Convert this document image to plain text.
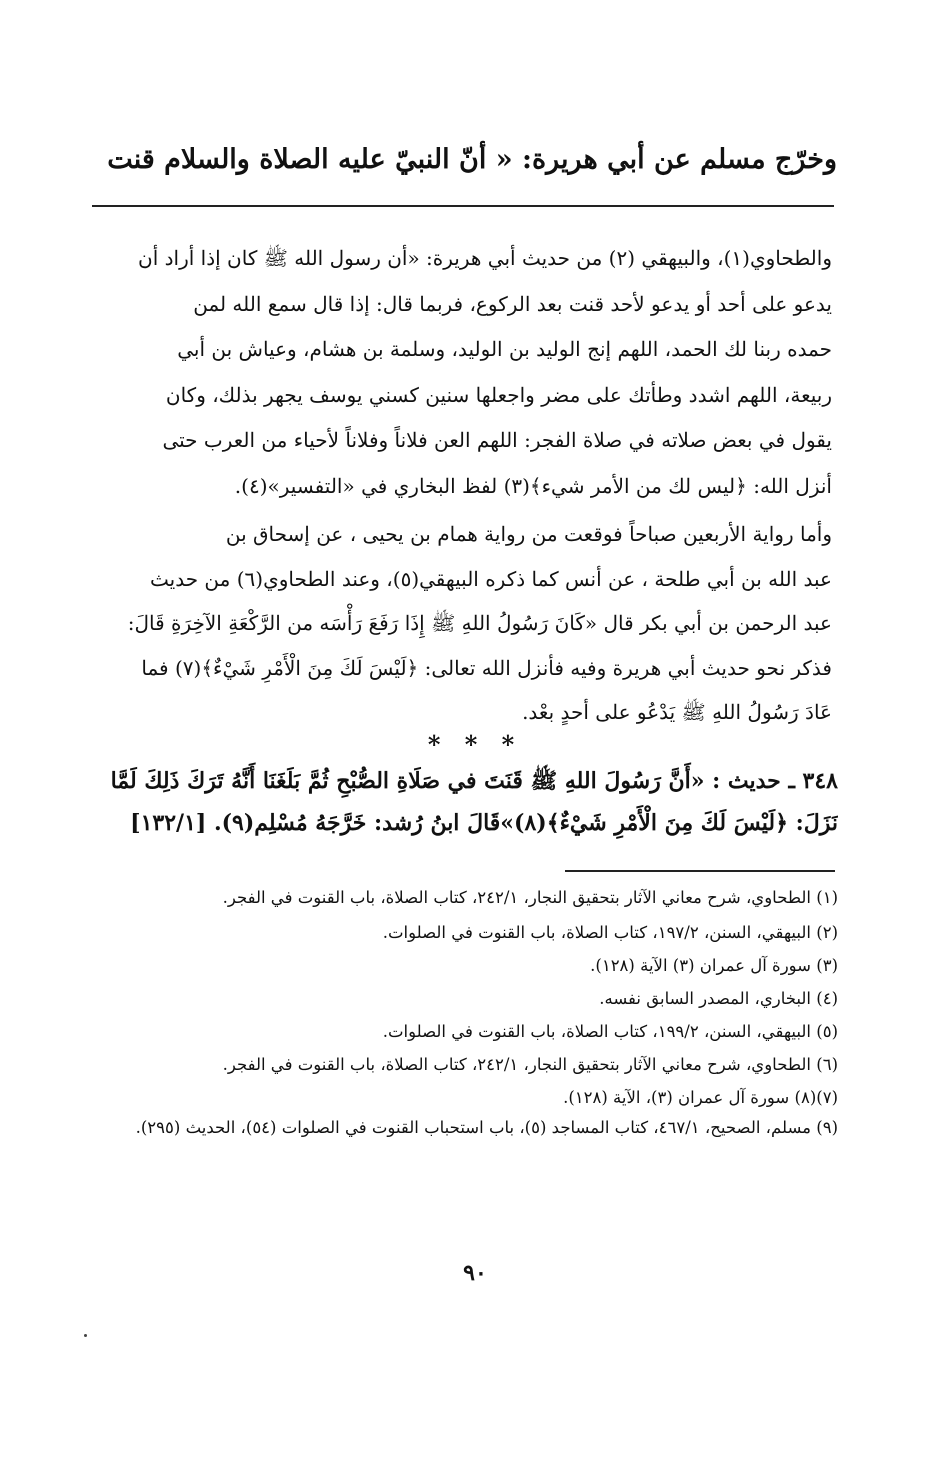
وخرّج مسلم عن أبي هريرة: « أنّ النبيّ عليه الصلاة والسلام قنت
والطحاوي(١)، والبيهقي (٢) من حديث أبي هريرة: «أن رسول الله ﷺ كان إذا أراد أن
يدعو على أحد أو يدعو لأحد قنت بعد الركوع، فربما قال: إذا قال سمع الله لمن
حمده ربنا لك الحمد، اللهم إنج الوليد بن الوليد، وسلمة بن هشام، وعياش بن أبي
ربيعة، اللهم اشدد وطأتك على مضر واجعلها سنين كسني يوسف يجهر بذلك، وكان
يقول في بعض صلاته في صلاة الفجر: اللهم العن فلاناً وفلاناً لأحياء من العرب حتى
أنزل الله: ﴿ليس لك من الأمر شيء﴾(٣) لفظ البخاري في «التفسير»(٤).
وأما رواية الأربعين صباحاً فوقعت من رواية همام بن يحيى ، عن إسحاق بن
عبد الله بن أبي طلحة ، عن أنس كما ذكره البيهقي(٥)، وعند الطحاوي(٦) من حديث
عبد الرحمن بن أبي بكر قال «كَانَ رَسُولُ اللهِ ﷺ إِذَا رَفَعَ رَأْسَه من الرَّكْعَةِ الآخِرَةِ قَالَ:
فذكر نحو حديث أبي هريرة وفيه فأنزل الله تعالى: ﴿لَيْسَ لَكَ مِنَ الْأَمْرِ شَيْءٌ﴾(٧) فما
عَادَ رَسُولُ اللهِ ﷺ يَدْعُو على أحدٍ بعْد.
* * *
٣٤٨ ـ حديث : «أَنَّ رَسُولَ اللهِ ﷺ قَنَتَ في صَلَاةِ الصُّبْحِ ثُمَّ بَلَغَنَا أَنَّهُ تَرَكَ ذَلِكَ لَمَّا
نَزَلَ: ﴿لَيْسَ لَكَ مِنَ الْأَمْرِ شَيْءٌ﴾(٨)»قَالَ ابنُ رُشد: خَرَّجَهُ مُسْلِم(٩). [١٣٢/١]
(١) الطحاوي، شرح معاني الآثار بتحقيق النجار، ٢٤٢/١، كتاب الصلاة، باب القنوت في الفجر.
(٢) البيهقي، السنن، ١٩٧/٢، كتاب الصلاة، باب القنوت في الصلوات.
(٣) سورة آل عمران (٣) الآية (١٢٨).
(٤) البخاري، المصدر السابق نفسه.
(٥) البيهقي، السنن، ١٩٩/٢، كتاب الصلاة، باب القنوت في الصلوات.
(٦) الطحاوي، شرح معاني الآثار بتحقيق النجار، ٢٤٢/١، كتاب الصلاة، باب القنوت في الفجر.
(٧)(٨) سورة آل عمران (٣)، الآية (١٢٨).
(٩) مسلم، الصحيح، ٤٦٧/١، كتاب المساجد (٥)، باب استحباب القنوت في الصلوات (٥٤)، الحديث (٢٩٥).
٩٠
